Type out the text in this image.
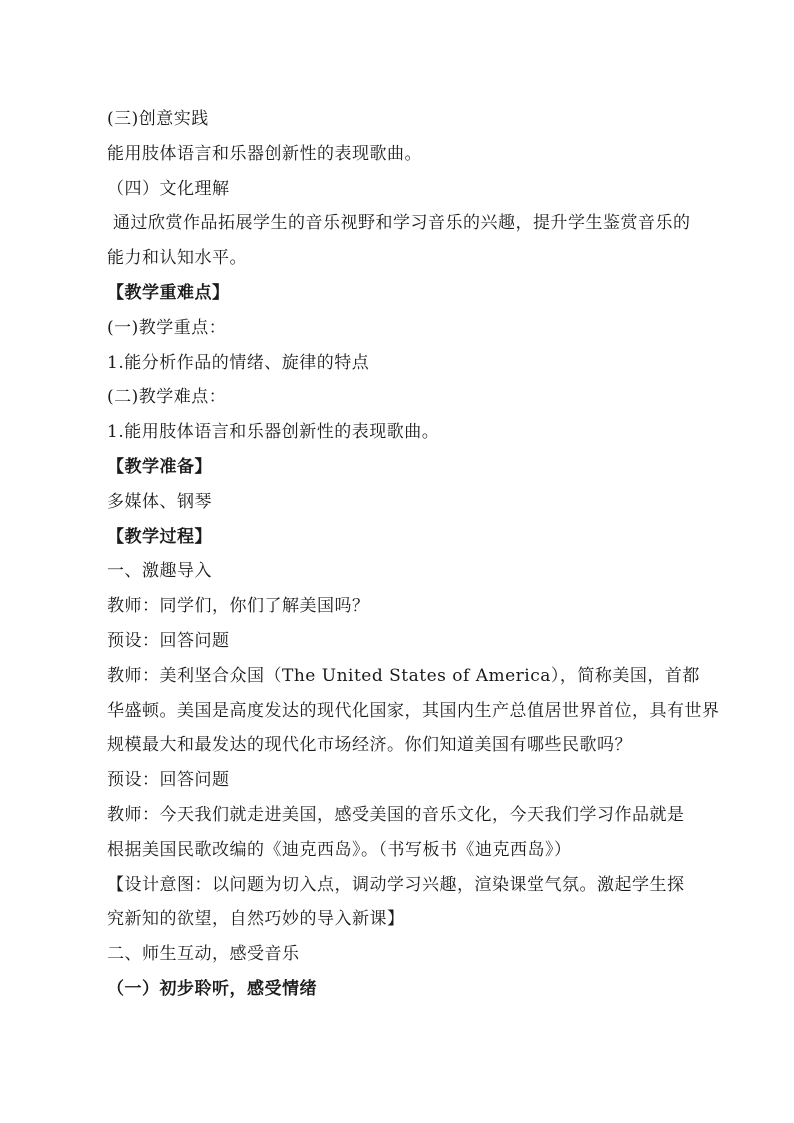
(三)创意实践
能用肢体语言和乐器创新性的表现歌曲。
（四）文化理解
通过欣赏作品拓展学生的音乐视野和学习音乐的兴趣，提升学生鉴赏音乐的
能力和认知水平。
【教学重难点】
(一)教学重点：
1.能分析作品的情绪、旋律的特点
(二)教学难点：
1.能用肢体语言和乐器创新性的表现歌曲。
【教学准备】
多媒体、钢琴
【教学过程】
一、激趣导入
教师：同学们，你们了解美国吗？
预设：回答问题
教师：美利坚合众国（The United States of America），简称美国，首都
华盛顿。美国是高度发达的现代化国家，其国内生产总值居世界首位，具有世界
规模最大和最发达的现代化市场经济。你们知道美国有哪些民歌吗？
预设：回答问题
教师：今天我们就走进美国，感受美国的音乐文化，今天我们学习作品就是
根据美国民歌改编的《迪克西岛》。（书写板书《迪克西岛》）
【设计意图：以问题为切入点，调动学习兴趣，渲染课堂气氛。激起学生探
究新知的欲望，自然巧妙的导入新课】
二、师生互动，感受音乐
（一）初步聆听，感受情绪
